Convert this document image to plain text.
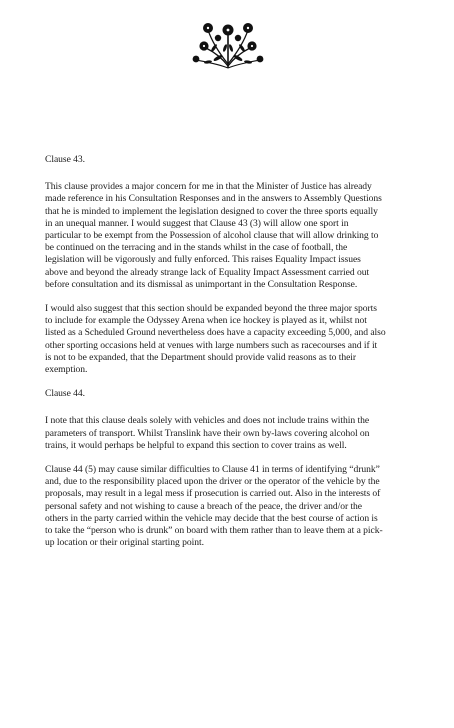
Clause 43.

This clause provides a major concern for me in that the Minister of Justice has already
made reference in his Consultation Responses and in the answers to Assembly Questions
that he is minded to implement the legislation designed to cover the three sports equally
in an unequal manner. I would suggest that Clause 43 (3) will allow one sport in
particular to be exempt from the Possession of alcohol clause that will allow drinking to
be continued on the terracing and in the stands whilst in the case of football, the
legislation will be vigorously and fully enforced. This raises Equality Impact issues
above and beyond the already strange lack of Equality Impact Assessment carried out
before consultation and its dismissal as unimportant in the Consultation Response.

I would also suggest that this section should be expanded beyond the three major sports
to include for example the Odyssey Arena when ice hockey is played as it, whilst not
listed as a Scheduled Ground nevertheless does have a capacity exceeding 5,000, and also
other sporting occasions held at venues with large numbers such as racecourses and if it
is not to be expanded, that the Department should provide valid reasons as to their
exemption.

Clause 44.

I note that this clause deals solely with vehicles and does not include trains within the
parameters of transport. Whilst Translink have their own by-laws covering alcohol on
trains, it would perhaps be helpful to expand this section to cover trains as well.

Clause 44 (5) may cause similar difficulties to Clause 41 in terms of identifying “drunk”
and, due to the responsibility placed upon the driver or the operator of the vehicle by the
proposals, may result in a legal mess if prosecution is carried out. Also in the interests of
personal safety and not wishing to cause a breach of the peace, the driver and/or the
others in the party carried within the vehicle may decide that the best course of action is
to take the “person who is drunk” on board with them rather than to leave them at a pick-
up location or their original starting point.
